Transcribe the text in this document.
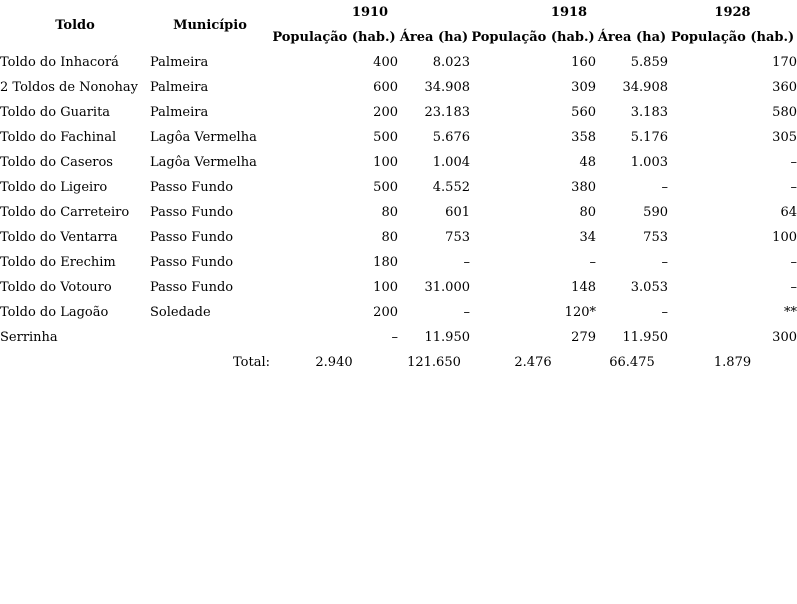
Toldo	Município	1910		1918		1928
		População (hab.)	Área (ha)	População (hab.)	Área (ha)	População (hab.)
Toldo do Inhacorá	Palmeira	400	8.023	160	5.859	170
2 Toldos de Nonohay	Palmeira	600	34.908	309	34.908	360
Toldo do Guarita	Palmeira	200	23.183	560	3.183	580
Toldo do Fachinal	Lagôa Vermelha	500	5.676	358	5.176	305
Toldo do Caseros	Lagôa Vermelha	100	1.004	48	1.003	–
Toldo do Ligeiro	Passo Fundo	500	4.552	380	–	–
Toldo do Carreteiro	Passo Fundo	80	601	80	590	64
Toldo do Ventarra	Passo Fundo	80	753	34	753	100
Toldo do Erechim	Passo Fundo	180	–	–	–	–
Toldo do Votouro	Passo Fundo	100	31.000	148	3.053	–
Toldo do Lagoão	Soledade	200	–	120*	–	**
Serrinha		–	11.950	279	11.950	300
Total:		2.940	121.650	2.476	66.475	1.879
